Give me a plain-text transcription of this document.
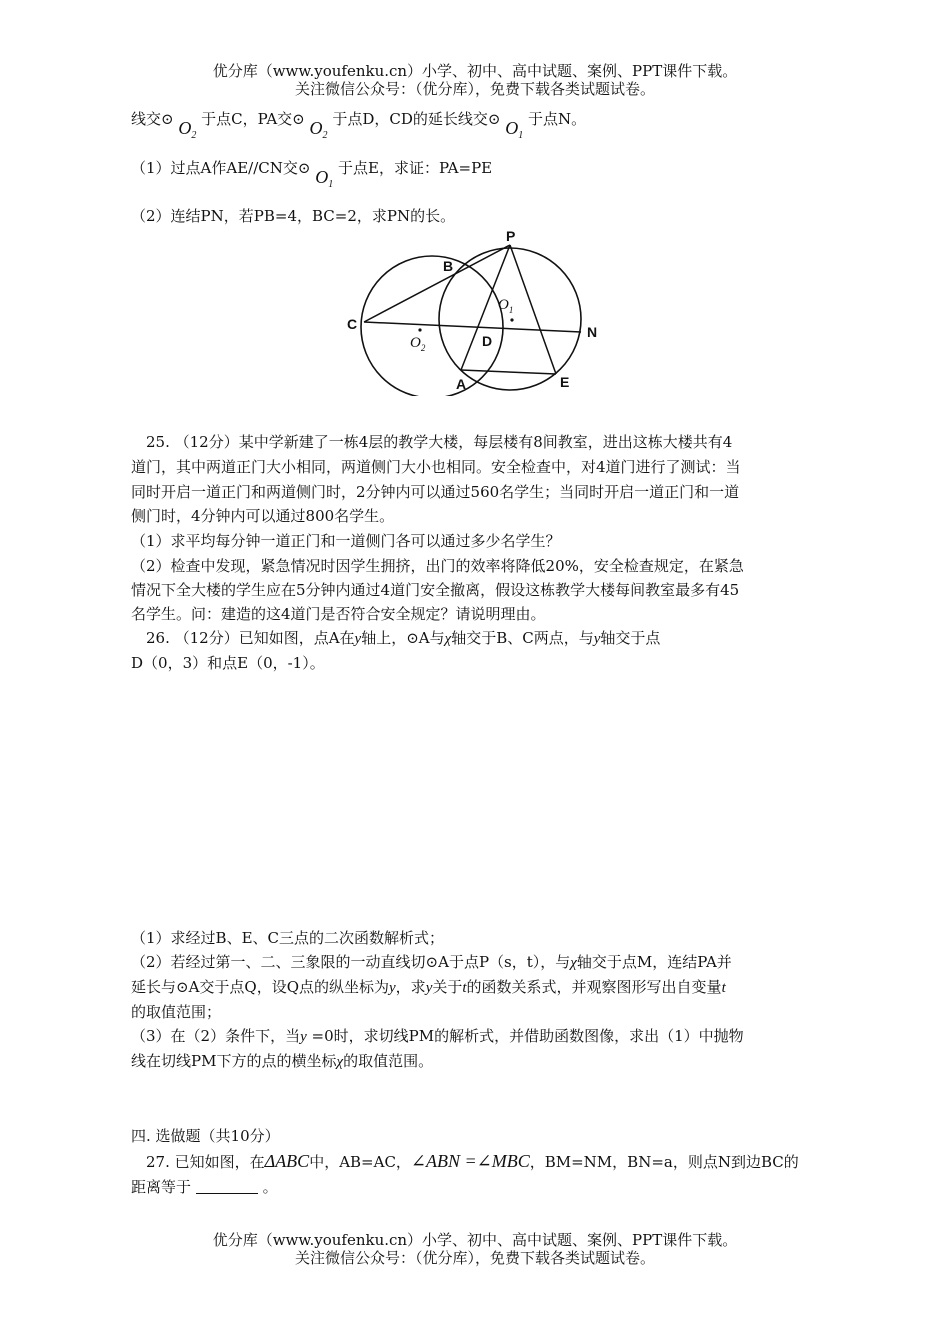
优分库（www.youfenku.cn）小学、初中、高中试题、案例、PPT课件下载。
关注微信公众号：（优分库），免费下载各类试题试卷。
线交⊙ $O_2$ 于点C，PA交⊙ $O_2$ 于点D，CD的延长线交⊙ $O_1$ 于点N。
（1）过点A作AE//CN交⊙ $O_1$ 于点E，求证：PA=PE
（2）连结PN，若PB=4，BC=2，求PN的长。
P
B
C	N
D
A	E
$O_1$
$O_2$
25. （12分）某中学新建了一栋4层的教学大楼，每层楼有8间教室，进出这栋大楼共有4
道门，其中两道正门大小相同，两道侧门大小也相同。安全检查中，对4道门进行了测试：当
同时开启一道正门和两道侧门时，2分钟内可以通过560名学生；当同时开启一道正门和一道
侧门时，4分钟内可以通过800名学生。
（1）求平均每分钟一道正门和一道侧门各可以通过多少名学生？
（2）检查中发现，紧急情况时因学生拥挤，出门的效率将降低20%，安全检查规定，在紧急
情况下全大楼的学生应在5分钟内通过4道门安全撤离，假设这栋教学大楼每间教室最多有45
名学生。问：建造的这4道门是否符合安全规定？请说明理由。
26. （12分）已知如图，点A在y轴上，⊙A与χ轴交于B、C两点，与y轴交于点
D（0，3）和点E（0，-1）。
（1）求经过B、E、C三点的二次函数解析式；
（2）若经过第一、二、三象限的一动直线切⊙A于点P（s，t），与χ轴交于点M，连结PA并
延长与⊙A交于点Q，设Q点的纵坐标为y，求y关于t的函数关系式，并观察图形写出自变量t
的取值范围；
（3）在（2）条件下，当y =0时，求切线PM的解析式，并借助函数图像，求出（1）中抛物
线在切线PM下方的点的横坐标χ的取值范围。
四. 选做题（共10分）
27. 已知如图，在ΔABC中，AB=AC，∠ABN =∠MBC，BM=NM，BN=a，则点N到边BC的
距离等于	。
优分库（www.youfenku.cn）小学、初中、高中试题、案例、PPT课件下载。
关注微信公众号：（优分库），免费下载各类试题试卷。
